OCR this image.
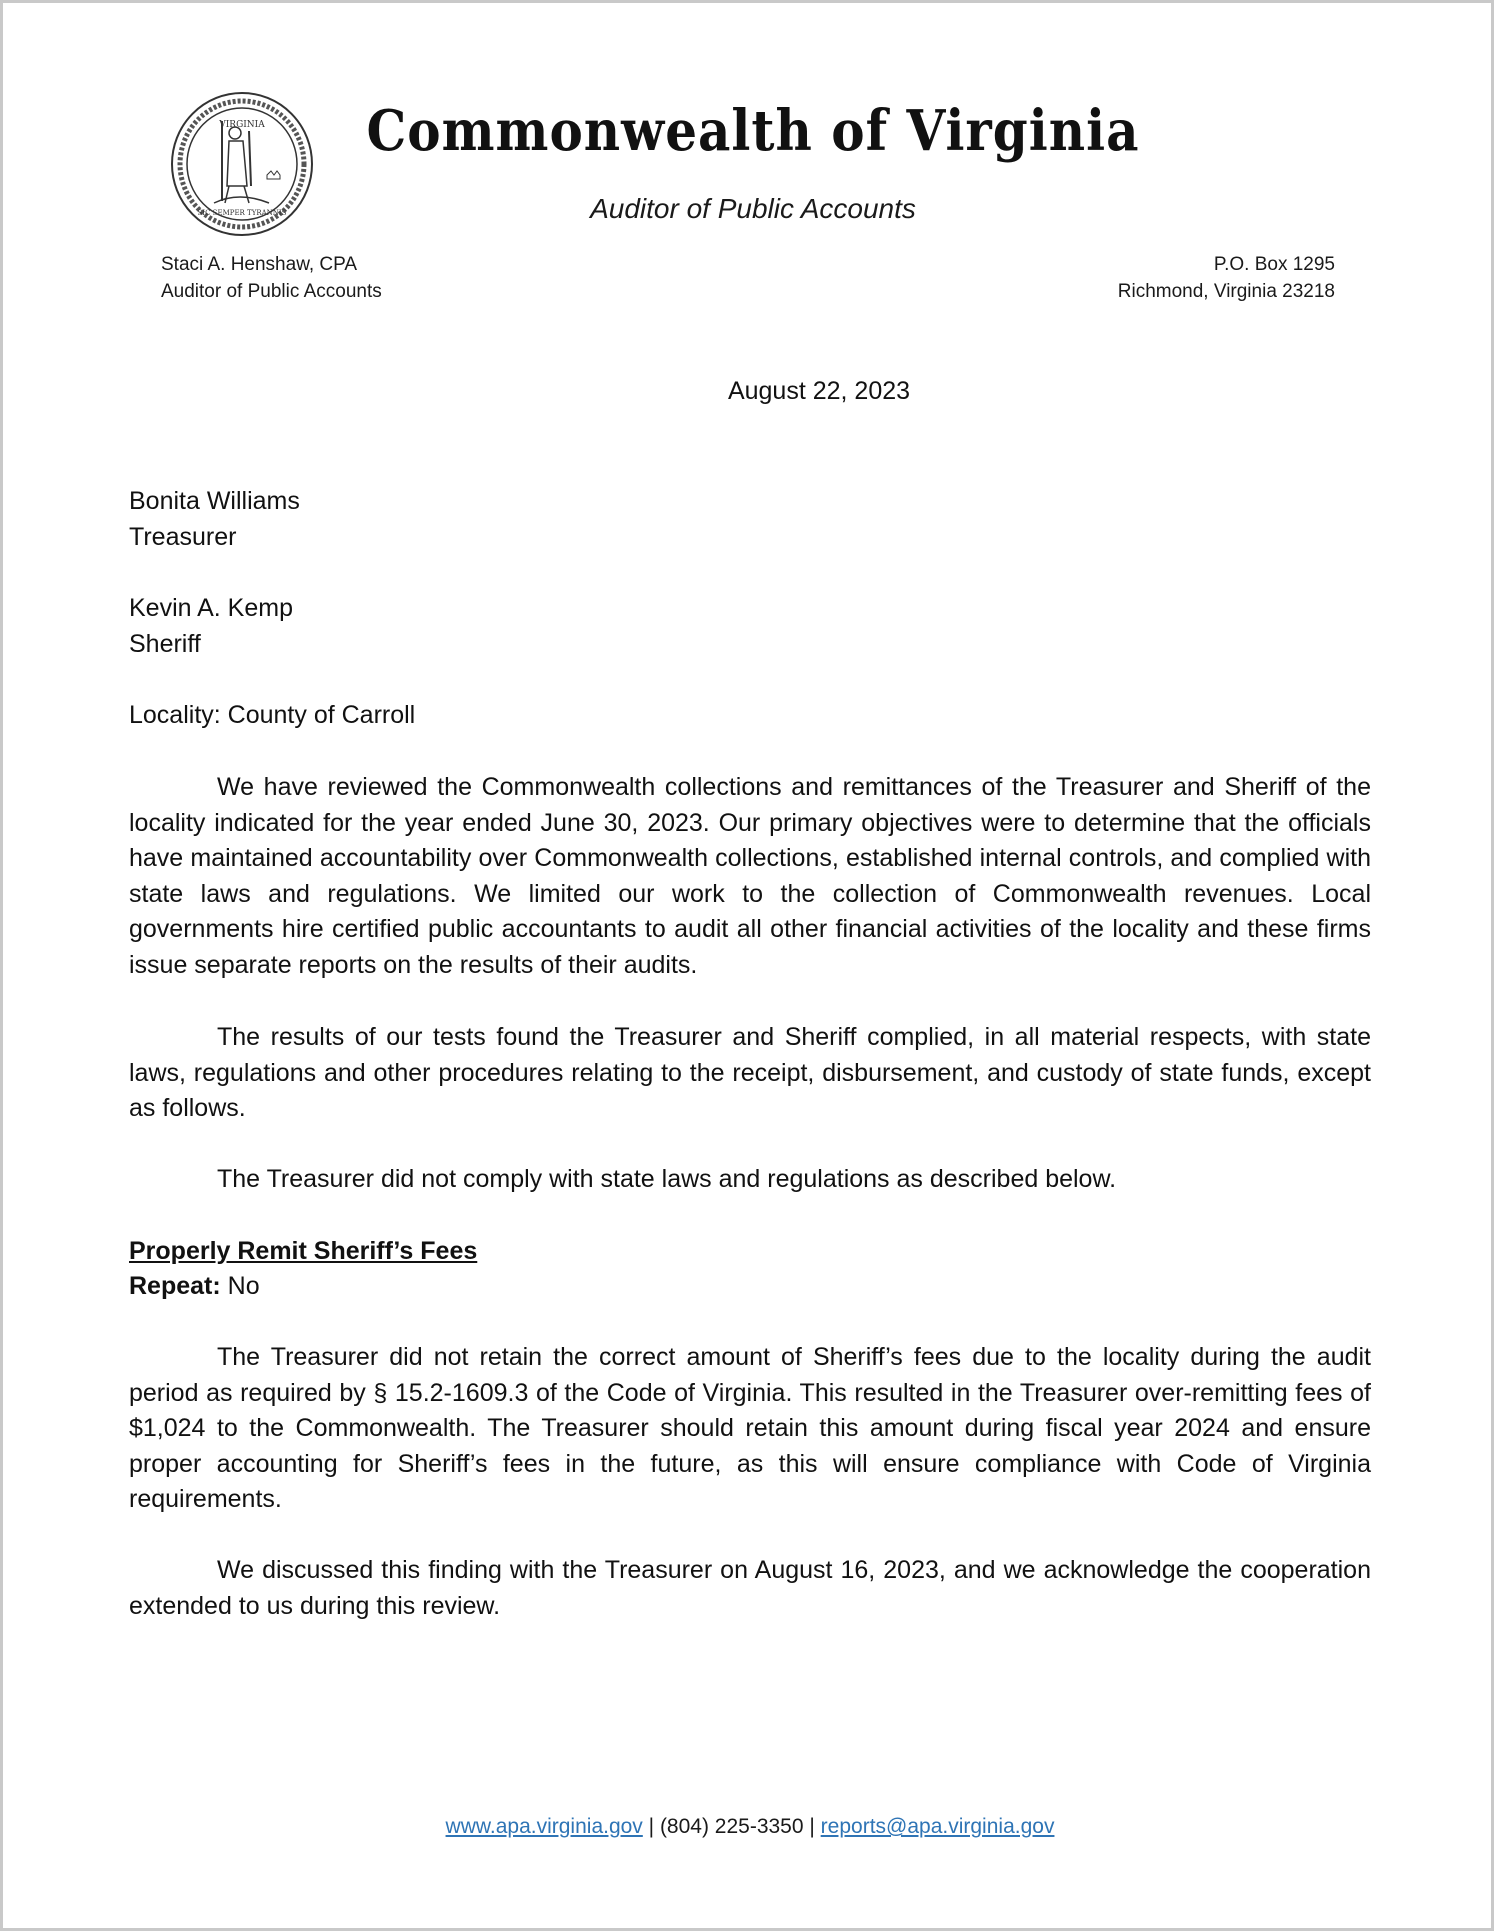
VIRGINIA
SIC SEMPER TYRANNIS
Commonwealth of Virginia
Auditor of Public Accounts
Staci A. Henshaw, CPA
Auditor of Public Accounts
P.O. Box 1295
Richmond, Virginia 23218
August 22, 2023
Bonita Williams
Treasurer
Kevin A. Kemp
Sheriff
Locality: County of Carroll
We have reviewed the Commonwealth collections and remittances of the Treasurer and Sheriff of the locality indicated for the year ended June 30, 2023. Our primary objectives were to determine that the officials have maintained accountability over Commonwealth collections, established internal controls, and complied with state laws and regulations. We limited our work to the collection of Commonwealth revenues. Local governments hire certified public accountants to audit all other financial activities of the locality and these firms issue separate reports on the results of their audits.
The results of our tests found the Treasurer and Sheriff complied, in all material respects, with state laws, regulations and other procedures relating to the receipt, disbursement, and custody of state funds, except as follows.
The Treasurer did not comply with state laws and regulations as described below.
Properly Remit Sheriff’s Fees
Repeat: No
The Treasurer did not retain the correct amount of Sheriff’s fees due to the locality during the audit period as required by § 15.2-1609.3 of the Code of Virginia. This resulted in the Treasurer over-remitting fees of $1,024 to the Commonwealth. The Treasurer should retain this amount during fiscal year 2024 and ensure proper accounting for Sheriff’s fees in the future, as this will ensure compliance with Code of Virginia requirements.
We discussed this finding with the Treasurer on August 16, 2023, and we acknowledge the cooperation extended to us during this review.
www.apa.virginia.gov | (804) 225-3350 | reports@apa.virginia.gov
